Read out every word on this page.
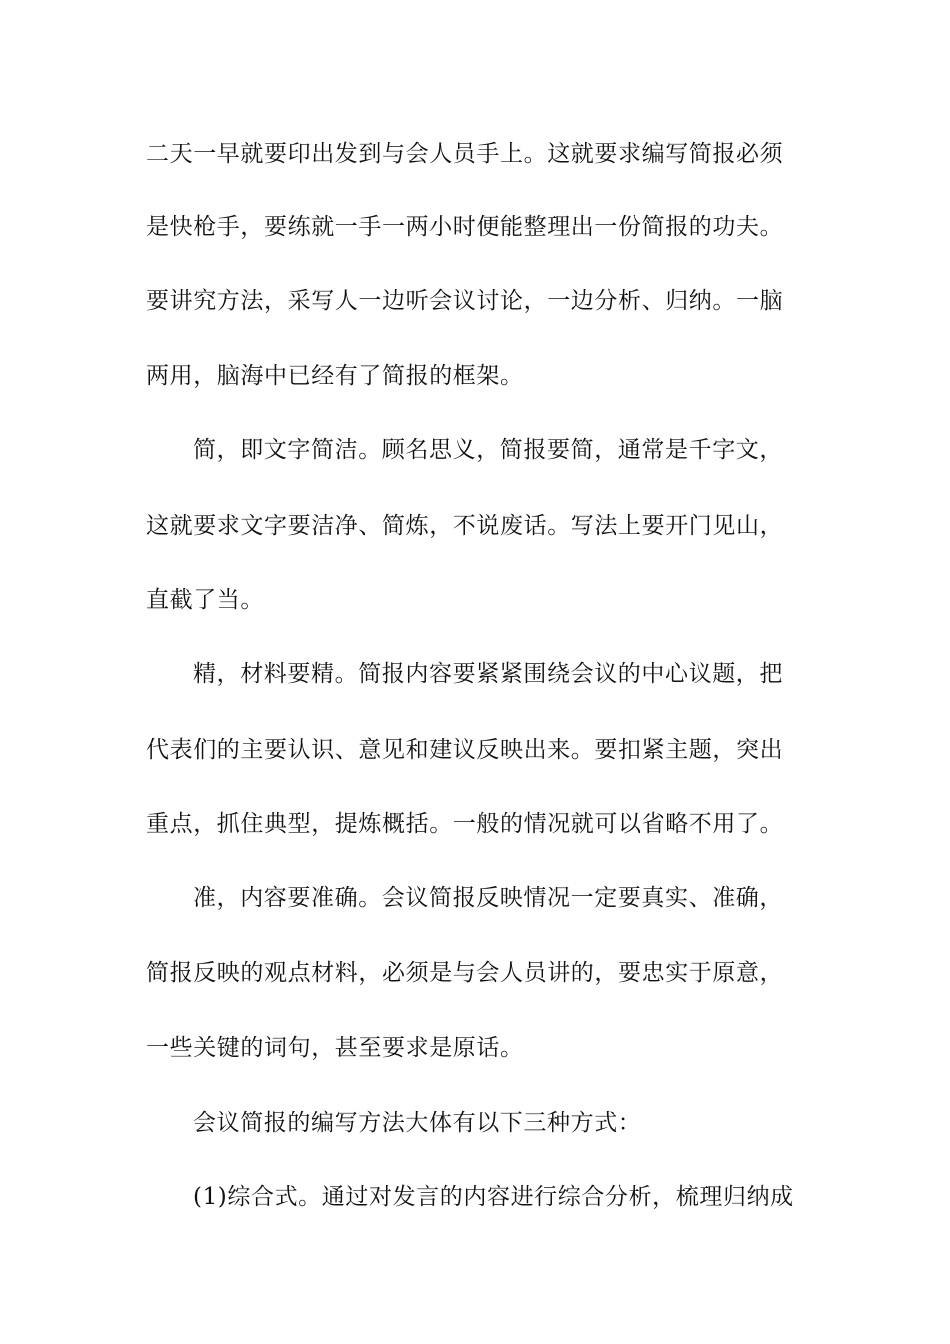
二天一早就要印出发到与会人员手上。这就要求编写简报必须
是快枪手，要练就一手一两小时便能整理出一份简报的功夫。
要讲究方法，采写人一边听会议讨论，一边分析、归纳。一脑
两用，脑海中已经有了简报的框架。
简，即文字简洁。顾名思义，简报要简，通常是千字文，
这就要求文字要洁净、简炼，不说废话。写法上要开门见山，
直截了当。
精，材料要精。简报内容要紧紧围绕会议的中心议题，把
代表们的主要认识、意见和建议反映出来。要扣紧主题，突出
重点，抓住典型，提炼概括。一般的情况就可以省略不用了。
准，内容要准确。会议简报反映情况一定要真实、准确，
简报反映的观点材料，必须是与会人员讲的，要忠实于原意，
一些关键的词句，甚至要求是原话。
会议简报的编写方法大体有以下三种方式：
(1)综合式。通过对发言的内容进行综合分析，梳理归纳成
